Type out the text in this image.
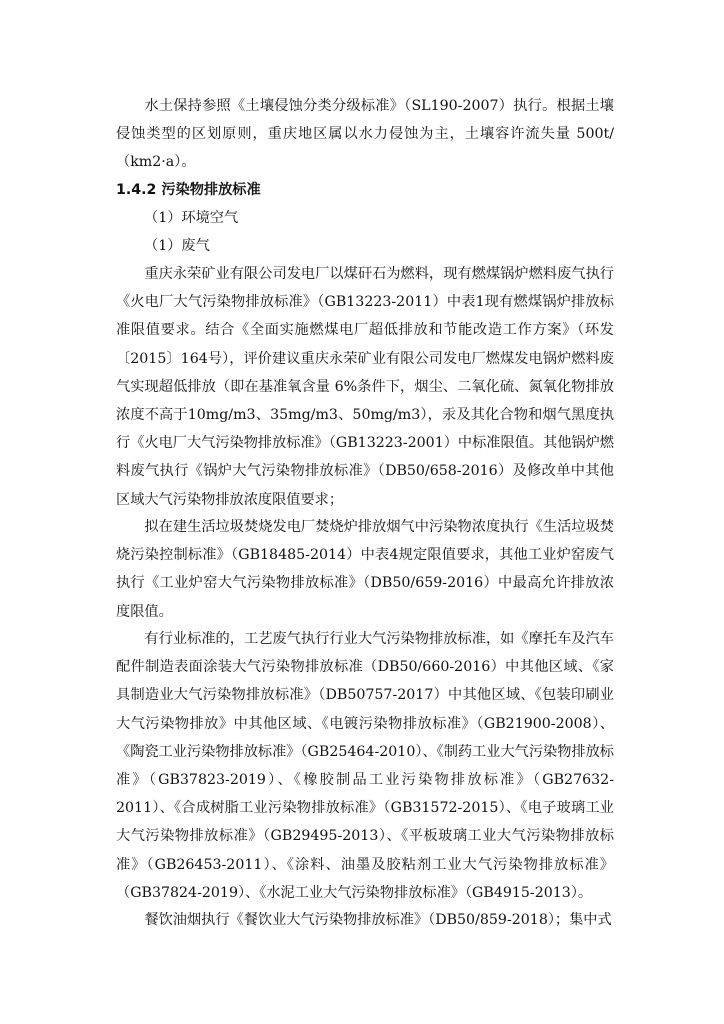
水土保持参照《土壤侵蚀分类分级标准》（SL190-2007）执行。根据土壤侵蚀类型的区划原则，重庆地区属以水力侵蚀为主，土壤容许流失量 500t/（km2·a）。

1.4.2 污染物排放标准

（1）环境空气

（1）废气

重庆永荣矿业有限公司发电厂以煤矸石为燃料，现有燃煤锅炉燃料废气执行《火电厂大气污染物排放标准》（GB13223-2011）中表1现有燃煤锅炉排放标准限值要求。结合《全面实施燃煤电厂超低排放和节能改造工作方案》（环发〔2015〕164号），评价建议重庆永荣矿业有限公司发电厂燃煤发电锅炉燃料废气实现超低排放（即在基准氧含量 6%条件下，烟尘、二氧化硫、氮氧化物排放浓度不高于10mg/m3、35mg/m3、50mg/m3），汞及其化合物和烟气黑度执行《火电厂大气污染物排放标准》（GB13223-2001）中标准限值。其他锅炉燃料废气执行《锅炉大气污染物排放标准》（DB50/658-2016）及修改单中其他区域大气污染物排放浓度限值要求；

拟在建生活垃圾焚烧发电厂焚烧炉排放烟气中污染物浓度执行《生活垃圾焚烧污染控制标准》（GB18485-2014）中表4规定限值要求，其他工业炉窑废气执行《工业炉窑大气污染物排放标准》（DB50/659-2016）中最高允许排放浓度限值。

有行业标准的，工艺废气执行行业大气污染物排放标准，如《摩托车及汽车配件制造表面涂装大气污染物排放标准（DB50/660-2016）中其他区域、《家具制造业大气污染物排放标准》（DB50757-2017）中其他区域、《包装印刷业大气污染物排放》中其他区域、《电镀污染物排放标准》（GB21900-2008）、《陶瓷工业污染物排放标准》（GB25464-2010）、《制药工业大气污染物排放标准》（GB37823-2019）、《橡胶制品工业污染物排放标准》（GB27632-2011）、《合成树脂工业污染物排放标准》（GB31572-2015）、《电子玻璃工业大气污染物排放标准》（GB29495-2013）、《平板玻璃工业大气污染物排放标准》（GB26453-2011）、《涂料、油墨及胶粘剂工业大气污染物排放标准》（GB37824-2019）、《水泥工业大气污染物排放标准》（GB4915-2013）。

餐饮油烟执行《餐饮业大气污染物排放标准》（DB50/859-2018）；集中式
